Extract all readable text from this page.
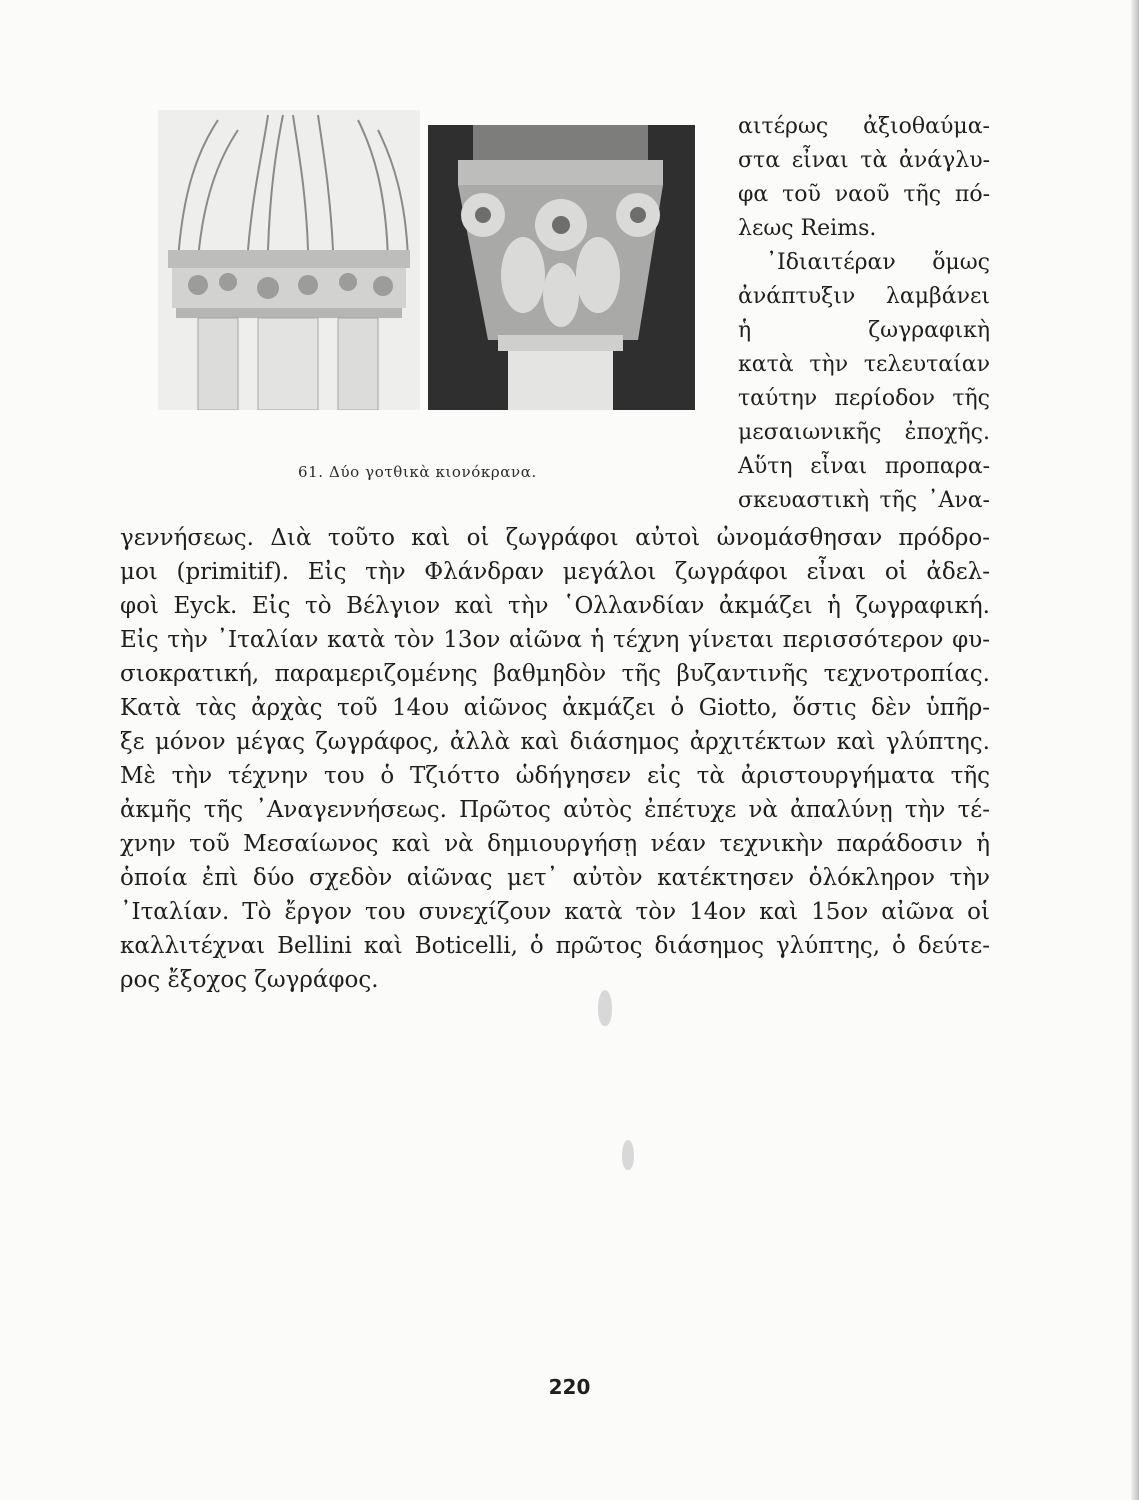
61. Δύο γοτθικὰ κιονόκρανα.
αιτέρως ἀξιοθαύμα-
στα εἶναι τὰ ἀνάγλυ-
φα τοῦ ναοῦ τῆς πό-
λεως Reims.
᾿Ιδιαιτέραν ὅμως
ἀνάπτυξιν λαμβάνει
ἡ ζωγραφικὴ
κατὰ τὴν τελευταίαν
ταύτην περίοδον τῆς
μεσαιωνικῆς ἐποχῆς.
Αὕτη εἶναι προπαρα-
σκευαστικὴ τῆς ᾿Ανα-
γεννήσεως. Διὰ τοῦτο καὶ οἱ ζωγράφοι αὐτοὶ ὠνομάσθησαν πρόδρο-
μοι (primitif). Εἰς τὴν Φλάνδραν μεγάλοι ζωγράφοι εἶναι οἱ ἀδελ-
φοὶ Eyck. Εἰς τὸ Βέλγιον καὶ τὴν ῾Ολλανδίαν ἀκμάζει ἡ ζωγραφική.
Εἰς τὴν ᾿Ιταλίαν κατὰ τὸν 13ον αἰῶνα ἡ τέχνη γίνεται περισσότερον φυ-
σιοκρατική, παραμεριζομένης βαθμηδὸν τῆς βυζαντινῆς τεχνοτροπίας.
Κατὰ τὰς ἀρχὰς τοῦ 14ου αἰῶνος ἀκμάζει ὁ Giotto, ὅστις δὲν ὑπῆρ-
ξε μόνον μέγας ζωγράφος, ἀλλὰ καὶ διάσημος ἀρχιτέκτων καὶ γλύπτης.
Μὲ τὴν τέχνην του ὁ Τζιόττο ὡδήγησεν εἰς τὰ ἀριστουργήματα τῆς
ἀκμῆς τῆς ᾿Αναγεννήσεως. Πρῶτος αὐτὸς ἐπέτυχε νὰ ἀπαλύνῃ τὴν τέ-
χνην τοῦ Μεσαίωνος καὶ νὰ δημιουργήσῃ νέαν τεχνικὴν παράδοσιν ἡ
ὁποία ἐπὶ δύο σχεδὸν αἰῶνας μετ᾿ αὐτὸν κατέκτησεν ὁλόκληρον τὴν
᾿Ιταλίαν. Τὸ ἔργον του συνεχίζουν κατὰ τὸν 14ον καὶ 15ον αἰῶνα οἱ
καλλιτέχναι Bellini καὶ Boticelli, ὁ πρῶτος διάσημος γλύπτης, ὁ δεύτε-
ρος ἔξοχος ζωγράφος.
220
